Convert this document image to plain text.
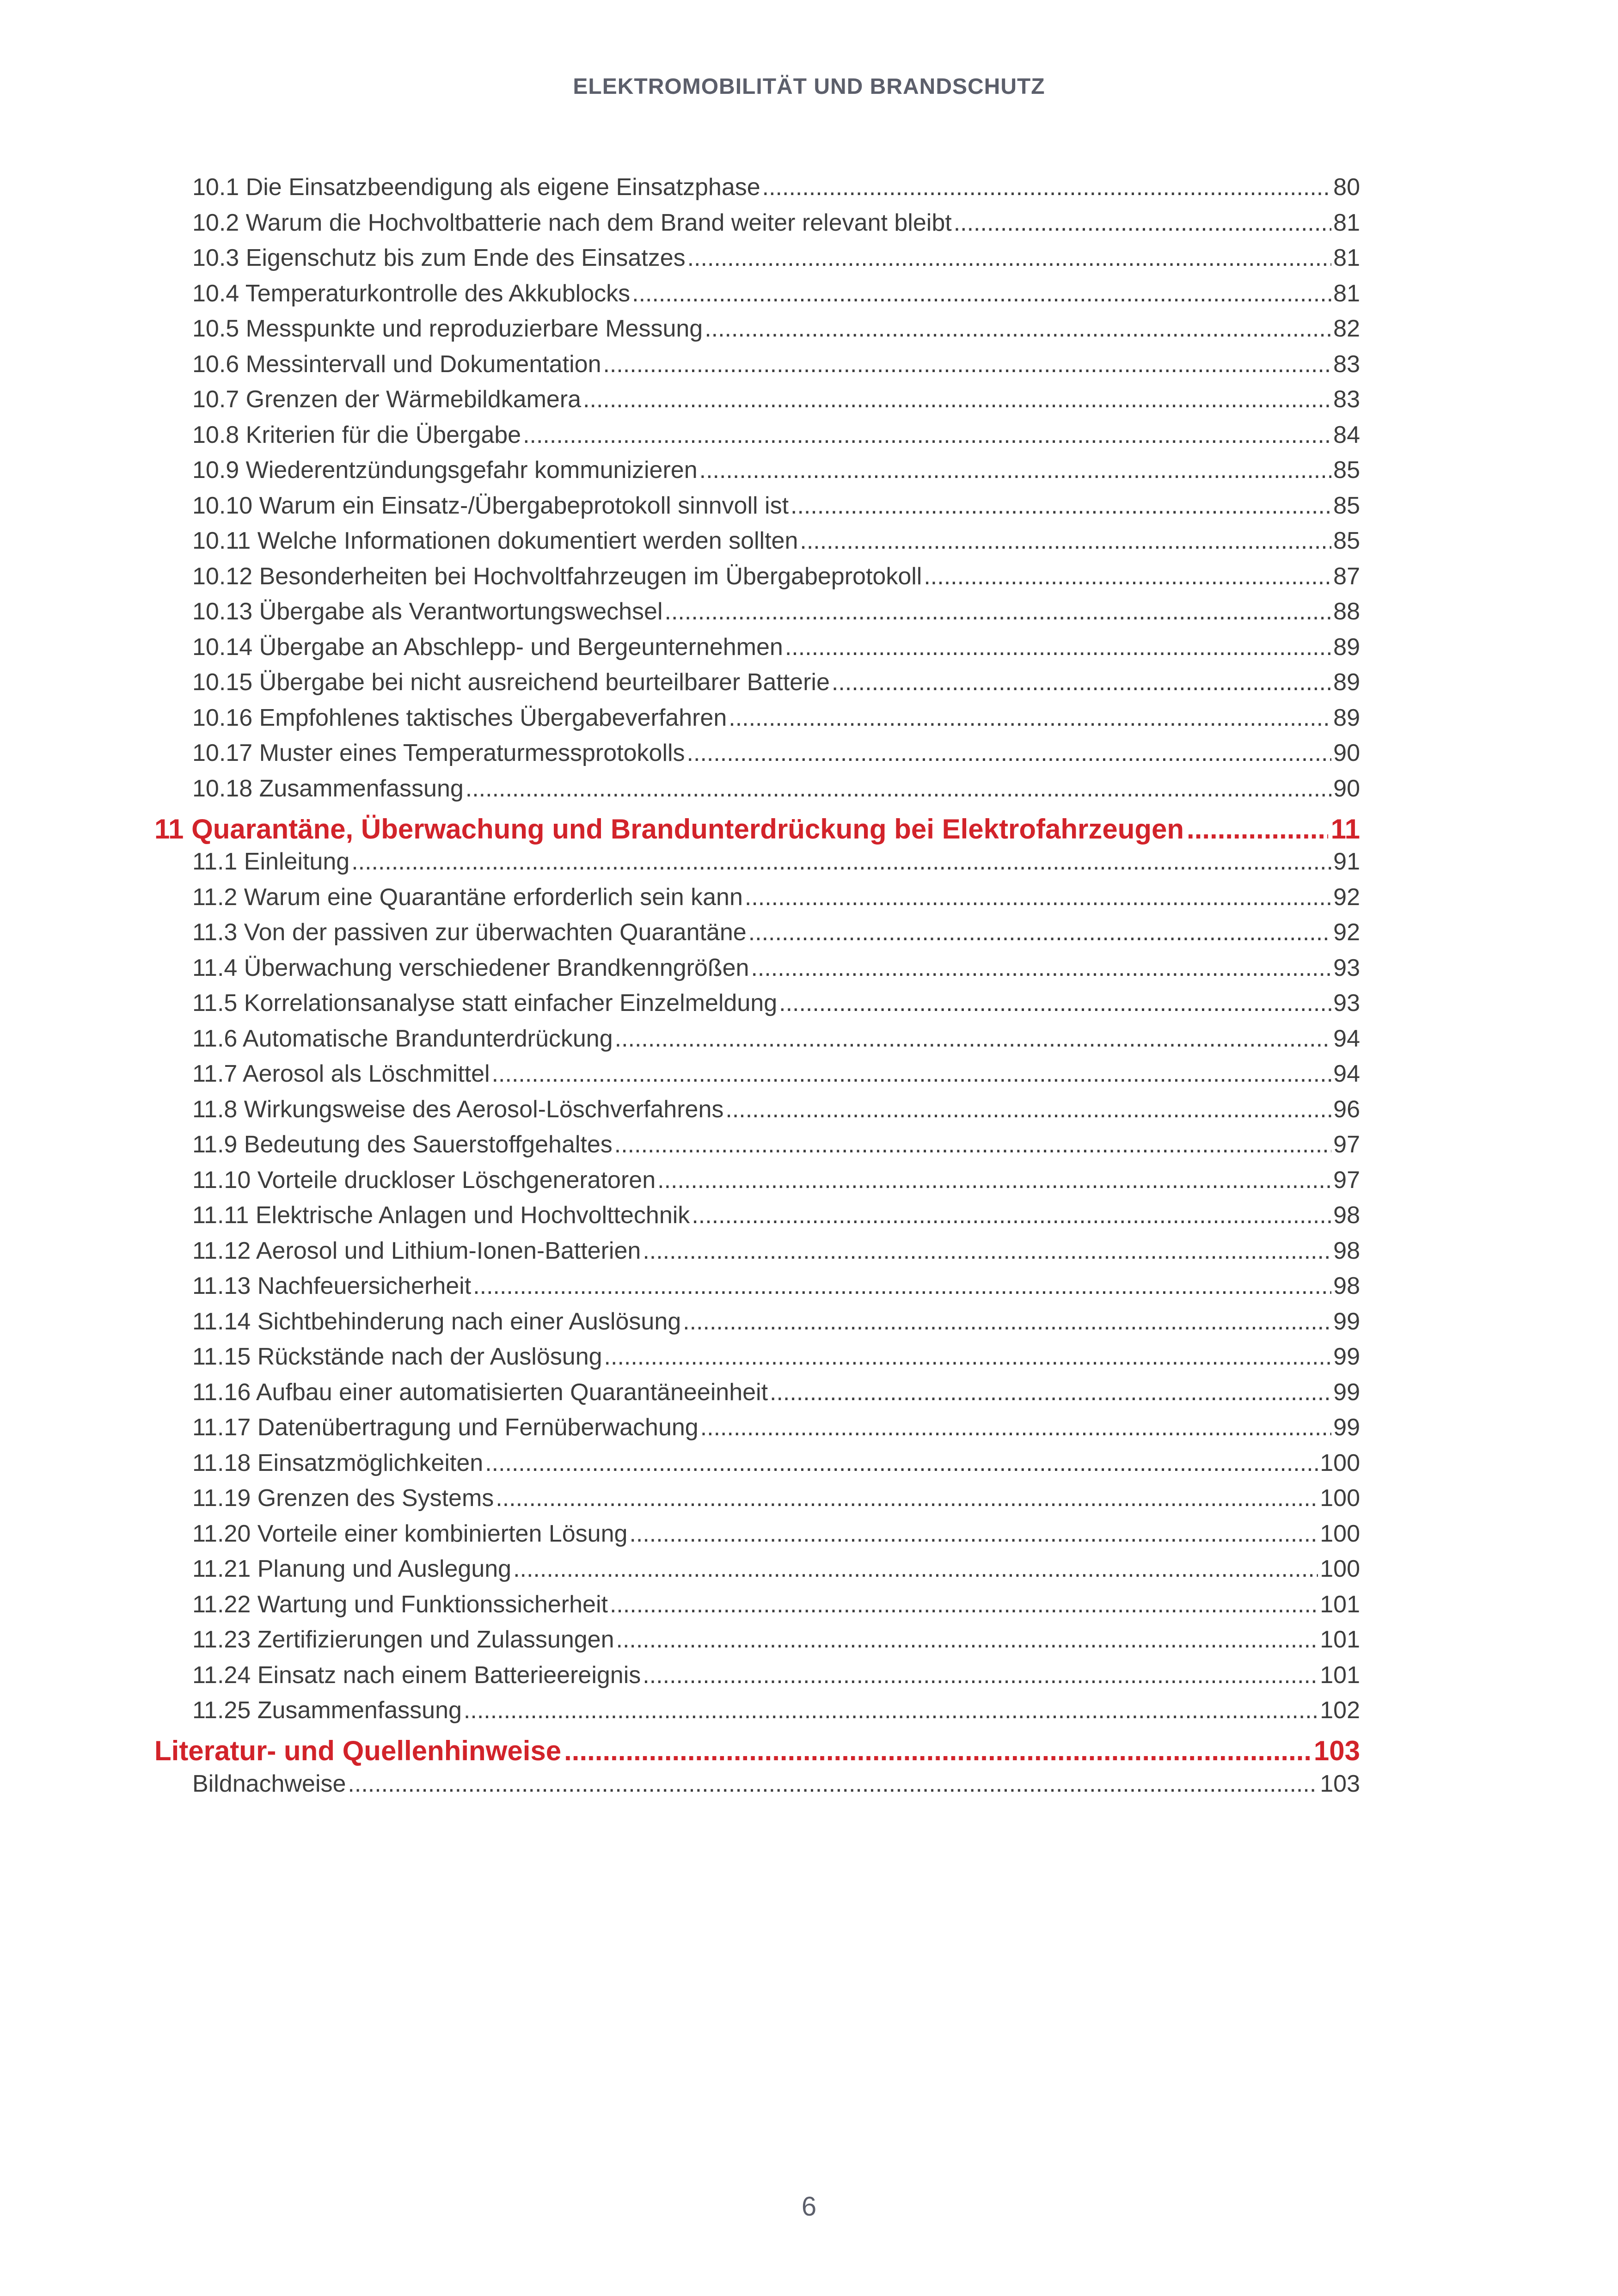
ELEKTROMOBILITÄT UND BRANDSCHUTZ
10.1 Die Einsatzbeendigung als eigene Einsatzphase .....	80
10.2 Warum die Hochvoltbatterie nach dem Brand weiter relevant bleibt .....	81
10.3 Eigenschutz bis zum Ende des Einsatzes .....	81
10.4 Temperaturkontrolle des Akkublocks .....	81
10.5 Messpunkte und reproduzierbare Messung .....	82
10.6 Messintervall und Dokumentation .....	83
10.7 Grenzen der Wärmebildkamera .....	83
10.8 Kriterien für die Übergabe .....	84
10.9 Wiederentzündungsgefahr kommunizieren .....	85
10.10 Warum ein Einsatz-/Übergabeprotokoll sinnvoll ist .....	85
10.11 Welche Informationen dokumentiert werden sollten .....	85
10.12 Besonderheiten bei Hochvoltfahrzeugen im Übergabeprotokoll .....	87
10.13 Übergabe als Verantwortungswechsel .....	88
10.14 Übergabe an Abschlepp- und Bergeunternehmen .....	89
10.15 Übergabe bei nicht ausreichend beurteilbarer Batterie .....	89
10.16 Empfohlenes taktisches Übergabeverfahren .....	89
10.17 Muster eines Temperaturmessprotokolls .....	90
10.18 Zusammenfassung .....	90
11 Quarantäne, Überwachung und Brandunterdrückung bei Elektrofahrzeugen .....	11
11.1 Einleitung .....	91
11.2 Warum eine Quarantäne erforderlich sein kann .....	92
11.3 Von der passiven zur überwachten Quarantäne .....	92
11.4 Überwachung verschiedener Brandkenngrößen .....	93
11.5 Korrelationsanalyse statt einfacher Einzelmeldung .....	93
11.6 Automatische Brandunterdrückung .....	94
11.7 Aerosol als Löschmittel .....	94
11.8 Wirkungsweise des Aerosol-Löschverfahrens .....	96
11.9 Bedeutung des Sauerstoffgehaltes .....	97
11.10 Vorteile druckloser Löschgeneratoren .....	97
11.11 Elektrische Anlagen und Hochvolttechnik .....	98
11.12 Aerosol und Lithium-Ionen-Batterien .....	98
11.13 Nachfeuersicherheit .....	98
11.14 Sichtbehinderung nach einer Auslösung .....	99
11.15 Rückstände nach der Auslösung .....	99
11.16 Aufbau einer automatisierten Quarantäneeinheit .....	99
11.17 Datenübertragung und Fernüberwachung .....	99
11.18 Einsatzmöglichkeiten .....	100
11.19 Grenzen des Systems .....	100
11.20 Vorteile einer kombinierten Lösung .....	100
11.21 Planung und Auslegung .....	100
11.22 Wartung und Funktionssicherheit .....	101
11.23 Zertifizierungen und Zulassungen .....	101
11.24 Einsatz nach einem Batterieereignis .....	101
11.25 Zusammenfassung .....	102
Literatur- und Quellenhinweise .....	103
Bildnachweise .....	103
6
